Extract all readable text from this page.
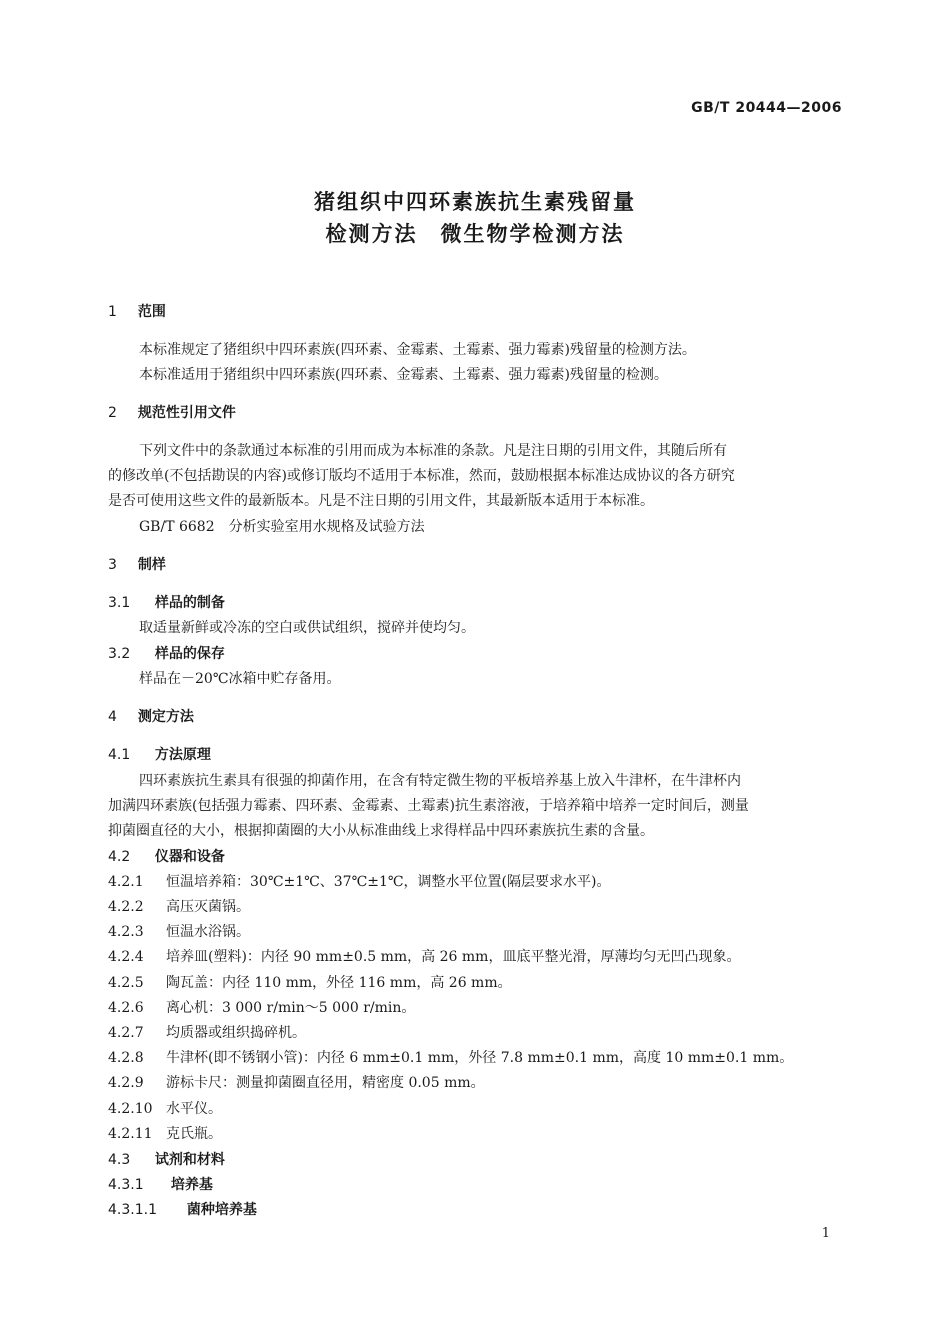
GB/T 20444—2006
猪组织中四环素族抗生素残留量
检测方法　微生物学检测方法
1 范围
本标准规定了猪组织中四环素族(四环素、金霉素、土霉素、强力霉素)残留量的检测方法。
本标准适用于猪组织中四环素族(四环素、金霉素、土霉素、强力霉素)残留量的检测。
2 规范性引用文件
下列文件中的条款通过本标准的引用而成为本标准的条款。凡是注日期的引用文件，其随后所有
的修改单(不包括勘误的内容)或修订版均不适用于本标准，然而，鼓励根据本标准达成协议的各方研究
是否可使用这些文件的最新版本。凡是不注日期的引用文件，其最新版本适用于本标准。
GB/T 6682　分析实验室用水规格及试验方法
3 制样
3.1 样品的制备
取适量新鲜或冷冻的空白或供试组织，搅碎并使均匀。
3.2 样品的保存
样品在－20℃冰箱中贮存备用。
4 测定方法
4.1 方法原理
四环素族抗生素具有很强的抑菌作用，在含有特定微生物的平板培养基上放入牛津杯，在牛津杯内
加满四环素族(包括强力霉素、四环素、金霉素、土霉素)抗生素溶液，于培养箱中培养一定时间后，测量
抑菌圈直径的大小，根据抑菌圈的大小从标准曲线上求得样品中四环素族抗生素的含量。
4.2 仪器和设备
4.2.1 恒温培养箱：30℃±1℃、37℃±1℃，调整水平位置(隔层要求水平)。
4.2.2 高压灭菌锅。
4.2.3 恒温水浴锅。
4.2.4 培养皿(塑料)：内径 90 mm±0.5 mm，高 26 mm，皿底平整光滑，厚薄均匀无凹凸现象。
4.2.5 陶瓦盖：内径 110 mm，外径 116 mm，高 26 mm。
4.2.6 离心机：3 000 r/min～5 000 r/min。
4.2.7 均质器或组织捣碎机。
4.2.8 牛津杯(即不锈钢小管)：内径 6 mm±0.1 mm，外径 7.8 mm±0.1 mm，高度 10 mm±0.1 mm。
4.2.9 游标卡尺：测量抑菌圈直径用，精密度 0.05 mm。
4.2.10 水平仪。
4.2.11 克氏瓶。
4.3 试剂和材料
4.3.1 培养基
4.3.1.1 菌种培养基
1
